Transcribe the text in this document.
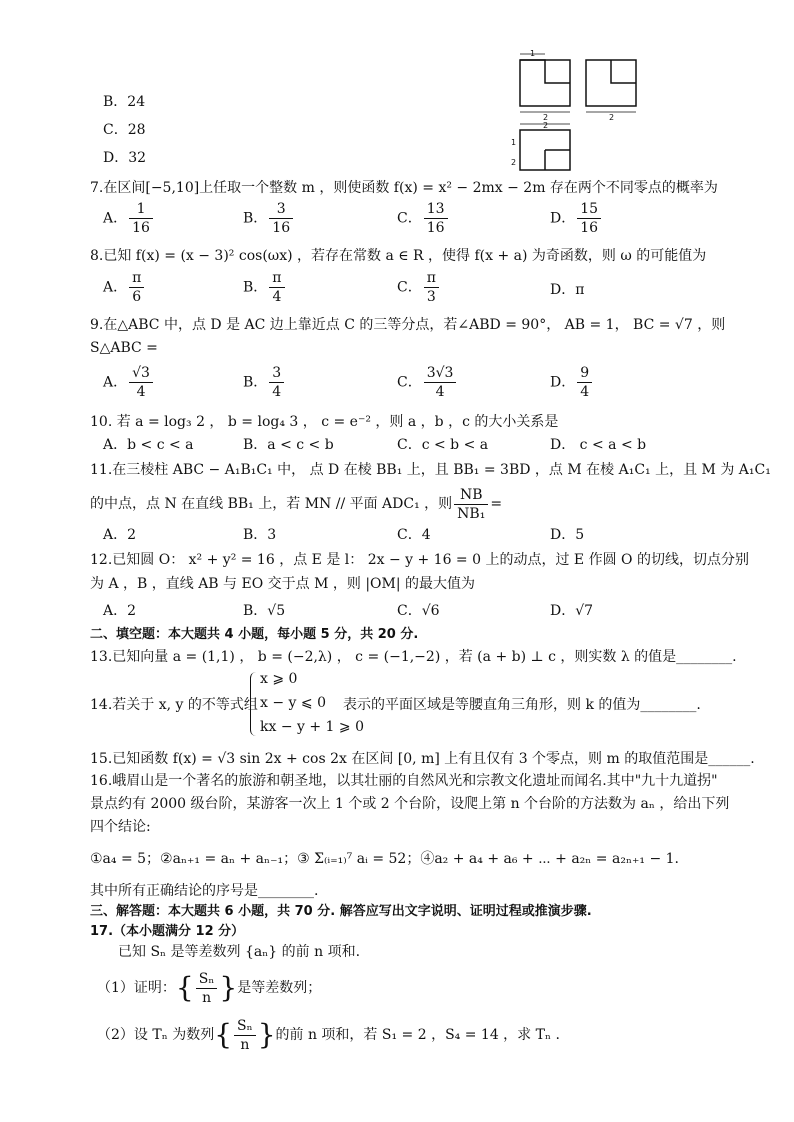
1
2	2
2
1
2
B．24
C．28
D．32
7.在区间[−5,10]上任取一个整数 m ，则使函数 f(x) = x² − 2mx − 2m 存在两个不同零点的概率为
A． $\frac{1}{16}$	B． $\frac{3}{16}$	C． $\frac{13}{16}$	D． $\frac{15}{16}$
8.已知 f(x) = (x − 3)² cos(ωx) ，若存在常数 a ∈ R ，使得 f(x + a) 为奇函数，则 ω 的可能值为
A． $\frac{\pi}{6}$	B． $\frac{\pi}{4}$	C． $\frac{\pi}{3}$	D．π
9.在△ABC 中，点 D 是 AC 边上靠近点 C 的三等分点，若∠ABD = 90°， AB = 1， BC = √7 ，则
S△ABC =
A． $\frac{√3}{4}$	B． $\frac{3}{4}$	C． $\frac{3√3}{4}$	D． $\frac{9}{4}$
10. 若 a = log₃ 2 ， b = log₄ 3 ， c = e⁻² ，则 a ，b ，c 的大小关系是
A．b < c < a	B．a < c < b	C．c < b < a	D． c < a < b
11.在三棱柱 ABC − A₁B₁C₁ 中， 点 D 在棱 BB₁ 上，且 BB₁ = 3BD ，点 M 在棱 A₁C₁ 上，且 M 为 A₁C₁
的中点，点 N 在直线 BB₁ 上，若 MN // 平面 ADC₁ ，则 $\frac{NB}{\text{NB₁}}$ =
A．2	B．3	C．4	D．5
12.已知圆 O： x² + y² = 16 ，点 E 是 l： 2x − y + 16 = 0 上的动点，过 E 作圆 O 的切线，切点分别
为 A ，B ，直线 AB 与 EO 交于点 M ，则 |OM| 的最大值为
A．2	B．√5	C．√6	D．√7
二、填空题：本大题共 4 小题，每小题 5 分，共 20 分.
13.已知向量 a = (1,1) ， b = (−2,λ) ， c = (−1,−2) ，若 (a + b) ⊥ c ，则实数 λ 的值是________.
14.若关于 x, y 的不等式组
x ⩾ 0
x − y ⩽ 0
kx − y + 1 ⩾ 0
表示的平面区域是等腰直角三角形，则 k 的值为________.
15.已知函数 f(x) = √3 sin 2x + cos 2x 在区间 [0, m] 上有且仅有 3 个零点，则 m 的取值范围是______.
16.峨眉山是一个著名的旅游和朝圣地，以其壮丽的自然风光和宗教文化遗址而闻名.其中"九十九道拐"
景点约有 2000 级台阶，某游客一次上 1 个或 2 个台阶，设爬上第 n 个台阶的方法数为 aₙ ，给出下列
四个结论:
①a₄ = 5；②aₙ₊₁ = aₙ + aₙ₋₁；③ Σ₍ᵢ₌₁₎⁷ aᵢ = 52；④a₂ + a₄ + a₆ + ⋯ + a₂ₙ = a₂ₙ₊₁ − 1.
其中所有正确结论的序号是________.
三、解答题：本大题共 6 小题，共 70 分. 解答应写出文字说明、证明过程或推演步骤.
17.（本小题满分 12 分）
已知 Sₙ 是等差数列 {aₙ} 的前 n 项和.
（1）证明：{ $\frac{\text{Sₙ}}{n}$ }是等差数列；
（2）设 Tₙ 为数列{ $\frac{\text{Sₙ}}{n}$ }的前 n 项和，若 S₁ = 2 ，S₄ = 14 ，求 Tₙ .
